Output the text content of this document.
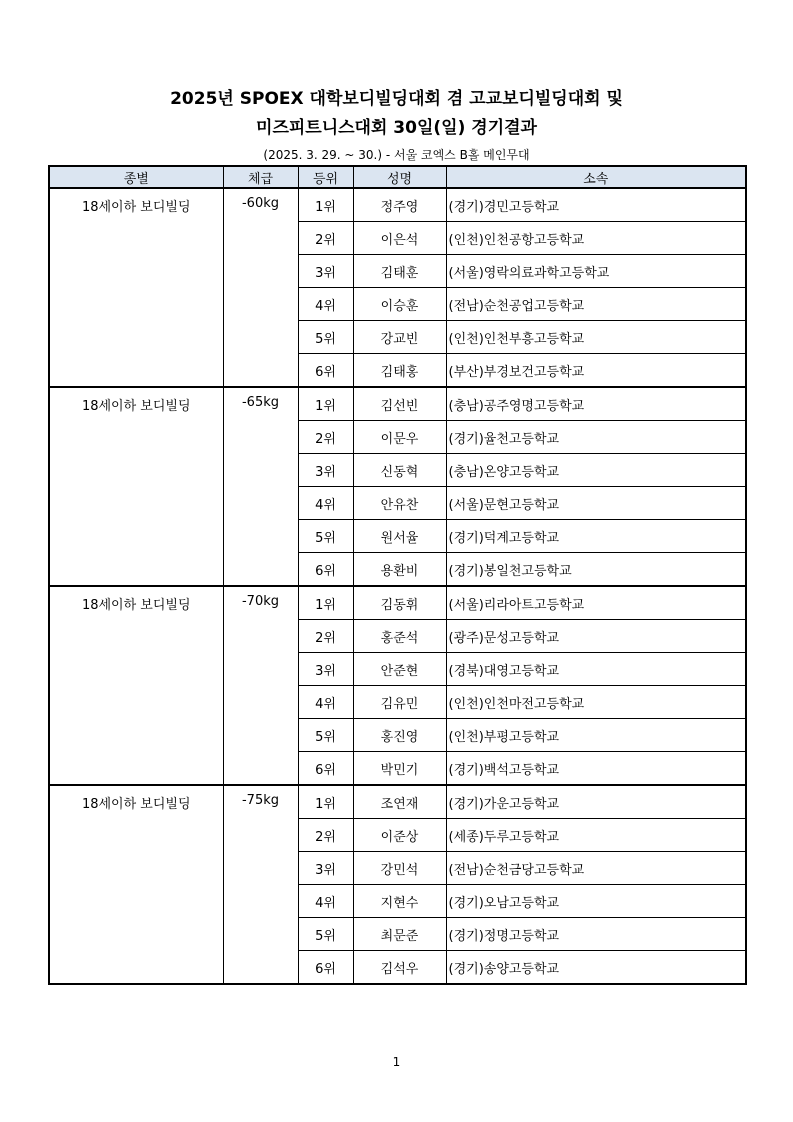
2025년 SPOEX 대학보디빌딩대회 겸 고교보디빌딩대회 및
미즈피트니스대회 30일(일) 경기결과
(2025. 3. 29. ~ 30.) - 서울 코엑스 B홀 메인무대
종별	체급	등위	성명	소속
18세이하 보디빌딩	-60kg	1위	정주영	(경기)경민고등학교
		2위	이은석	(인천)인천공항고등학교
		3위	김태훈	(서울)영락의료과학고등학교
		4위	이승훈	(전남)순천공업고등학교
		5위	강교빈	(인천)인천부흥고등학교
		6위	김태홍	(부산)부경보건고등학교
18세이하 보디빌딩	-65kg	1위	김선빈	(충남)공주영명고등학교
		2위	이문우	(경기)율천고등학교
		3위	신동혁	(충남)온양고등학교
		4위	안유찬	(서울)문현고등학교
		5위	원서율	(경기)덕계고등학교
		6위	용환비	(경기)봉일천고등학교
18세이하 보디빌딩	-70kg	1위	김동휘	(서울)리라아트고등학교
		2위	홍준석	(광주)문성고등학교
		3위	안준현	(경북)대영고등학교
		4위	김유민	(인천)인천마전고등학교
		5위	홍진영	(인천)부평고등학교
		6위	박민기	(경기)백석고등학교
18세이하 보디빌딩	-75kg	1위	조연재	(경기)가운고등학교
		2위	이준상	(세종)두루고등학교
		3위	강민석	(전남)순천금당고등학교
		4위	지현수	(경기)오남고등학교
		5위	최문준	(경기)정명고등학교
		6위	김석우	(경기)송양고등학교
1
